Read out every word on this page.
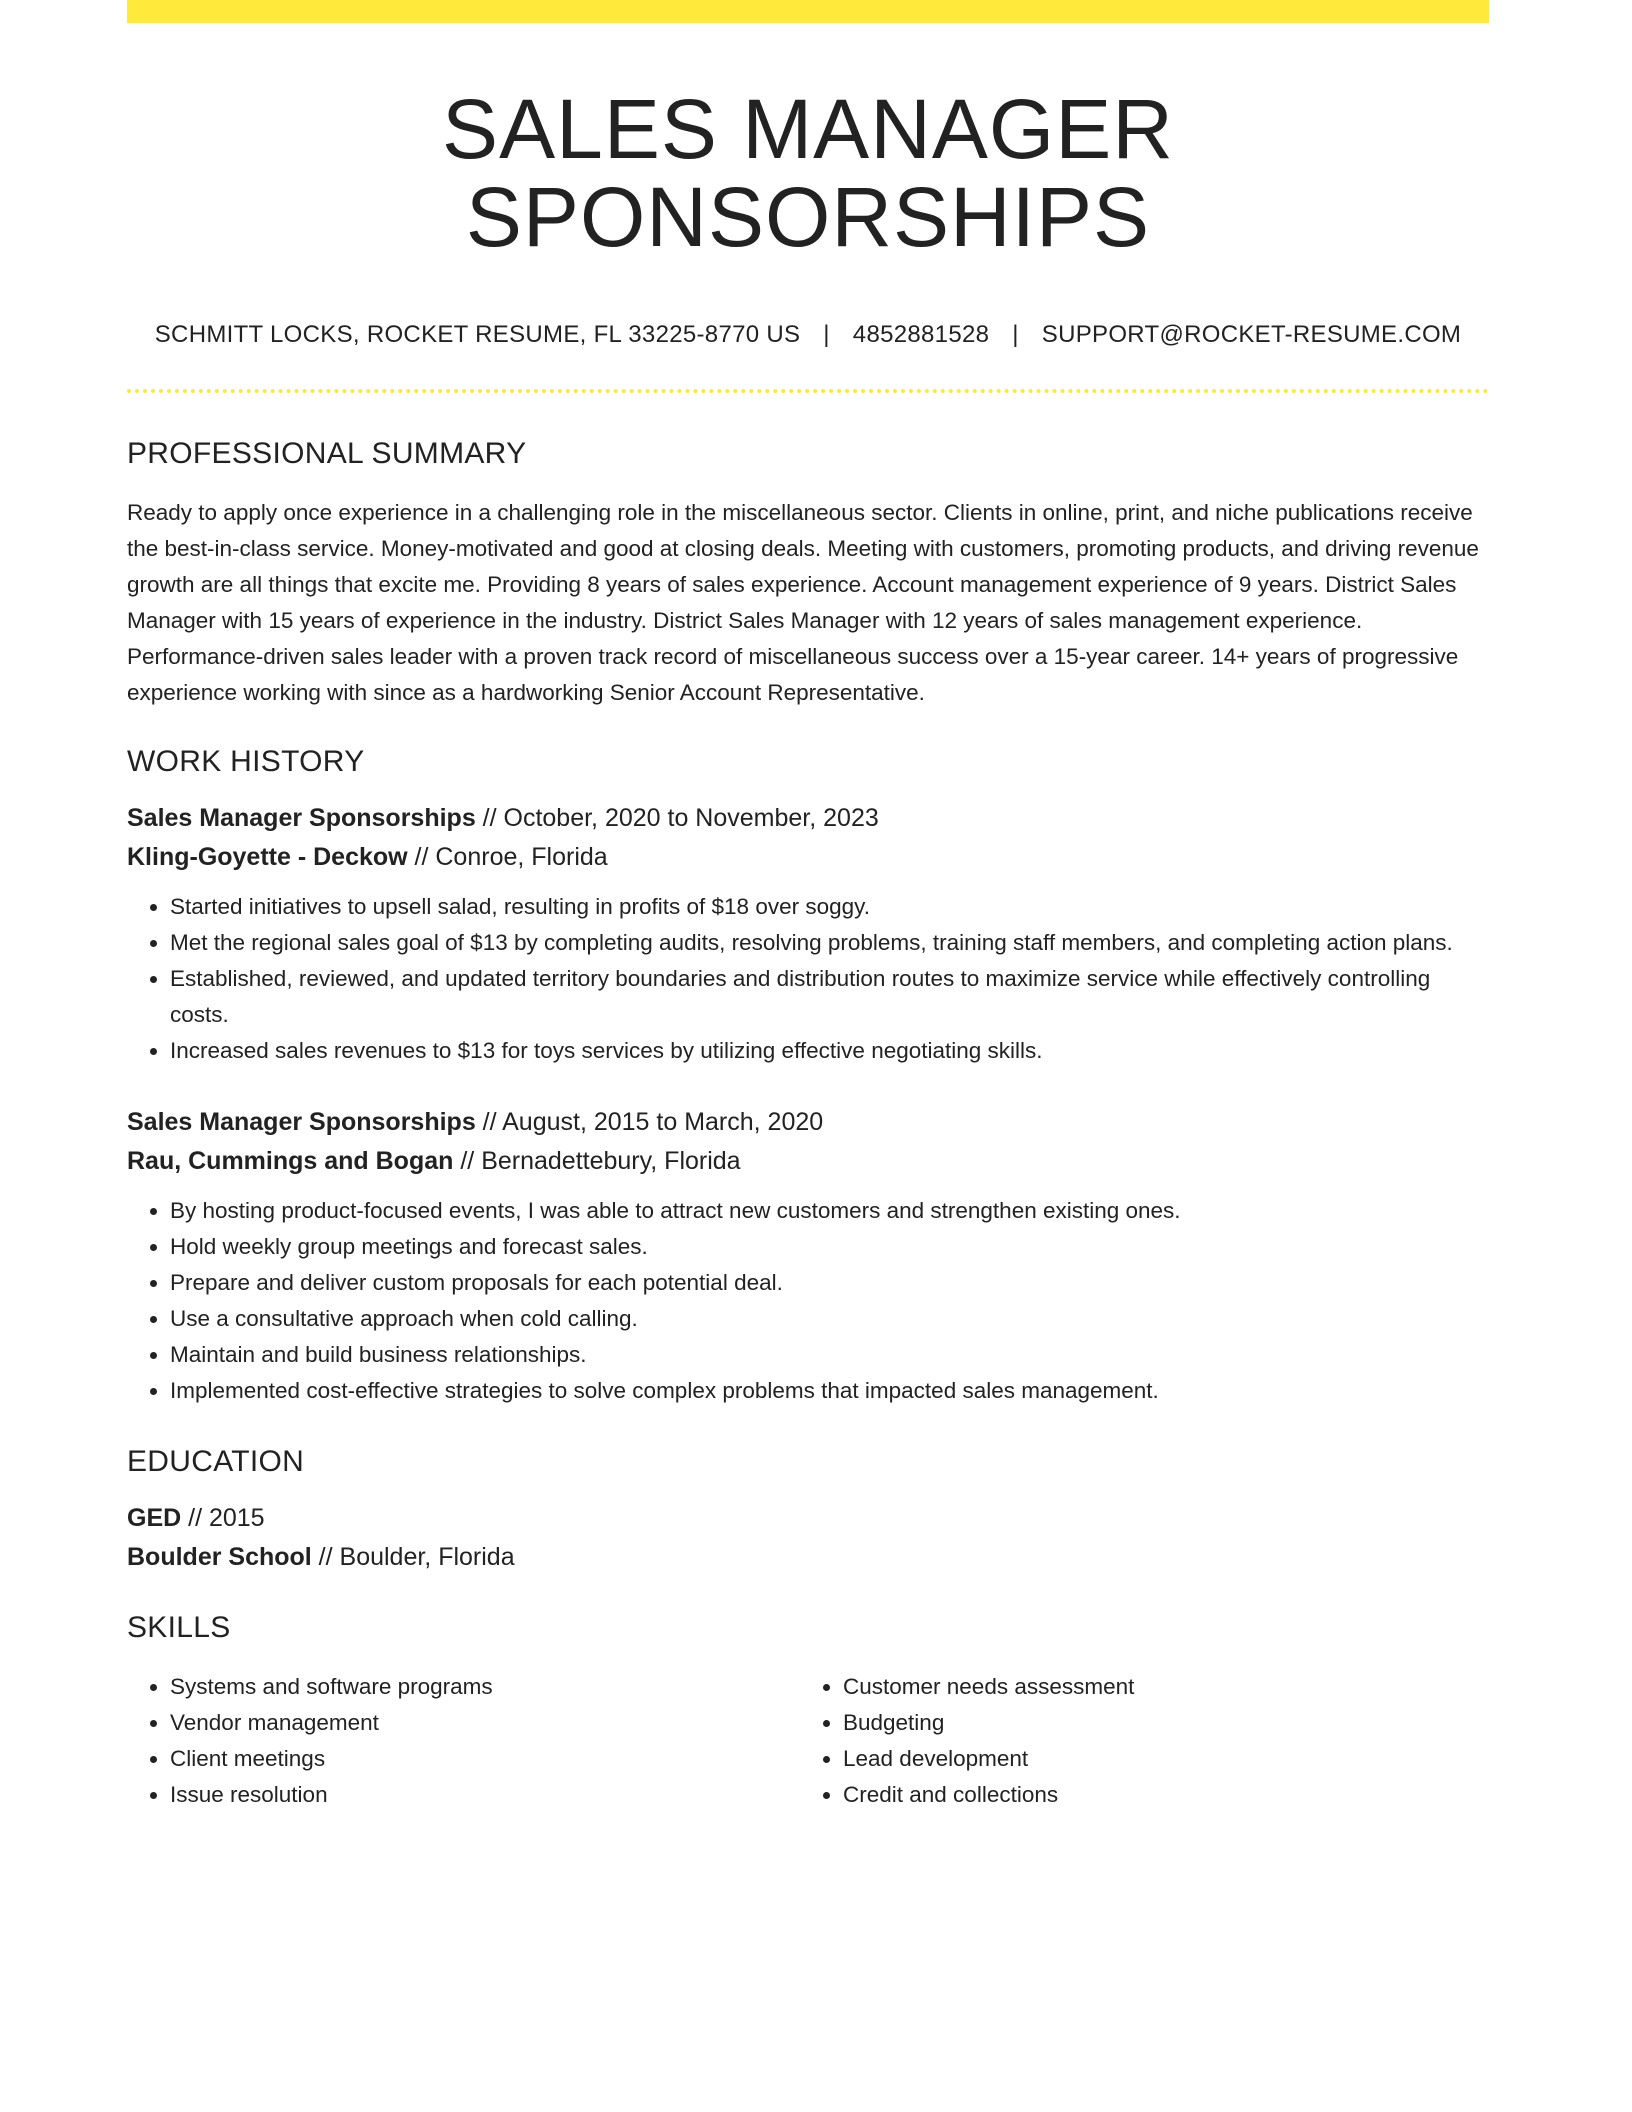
SALES MANAGER SPONSORSHIPS
SCHMITT LOCKS, ROCKET RESUME, FL 33225-8770 US | 4852881528 | SUPPORT@ROCKET-RESUME.COM
PROFESSIONAL SUMMARY
Ready to apply once experience in a challenging role in the miscellaneous sector. Clients in online, print, and niche publications receive the best-in-class service. Money-motivated and good at closing deals. Meeting with customers, promoting products, and driving revenue growth are all things that excite me. Providing 8 years of sales experience. Account management experience of 9 years. District Sales Manager with 15 years of experience in the industry. District Sales Manager with 12 years of sales management experience. Performance-driven sales leader with a proven track record of miscellaneous success over a 15-year career. 14+ years of progressive experience working with since as a hardworking Senior Account Representative.
WORK HISTORY
Sales Manager Sponsorships // October, 2020 to November, 2023
Kling-Goyette - Deckow // Conroe, Florida
• Started initiatives to upsell salad, resulting in profits of $18 over soggy.
• Met the regional sales goal of $13 by completing audits, resolving problems, training staff members, and completing action plans.
• Established, reviewed, and updated territory boundaries and distribution routes to maximize service while effectively controlling costs.
• Increased sales revenues to $13 for toys services by utilizing effective negotiating skills.
Sales Manager Sponsorships // August, 2015 to March, 2020
Rau, Cummings and Bogan // Bernadettebury, Florida
• By hosting product-focused events, I was able to attract new customers and strengthen existing ones.
• Hold weekly group meetings and forecast sales.
• Prepare and deliver custom proposals for each potential deal.
• Use a consultative approach when cold calling.
• Maintain and build business relationships.
• Implemented cost-effective strategies to solve complex problems that impacted sales management.
EDUCATION
GED // 2015
Boulder School // Boulder, Florida
SKILLS
• Systems and software programs
• Vendor management
• Client meetings
• Issue resolution
• Customer needs assessment
• Budgeting
• Lead development
• Credit and collections
